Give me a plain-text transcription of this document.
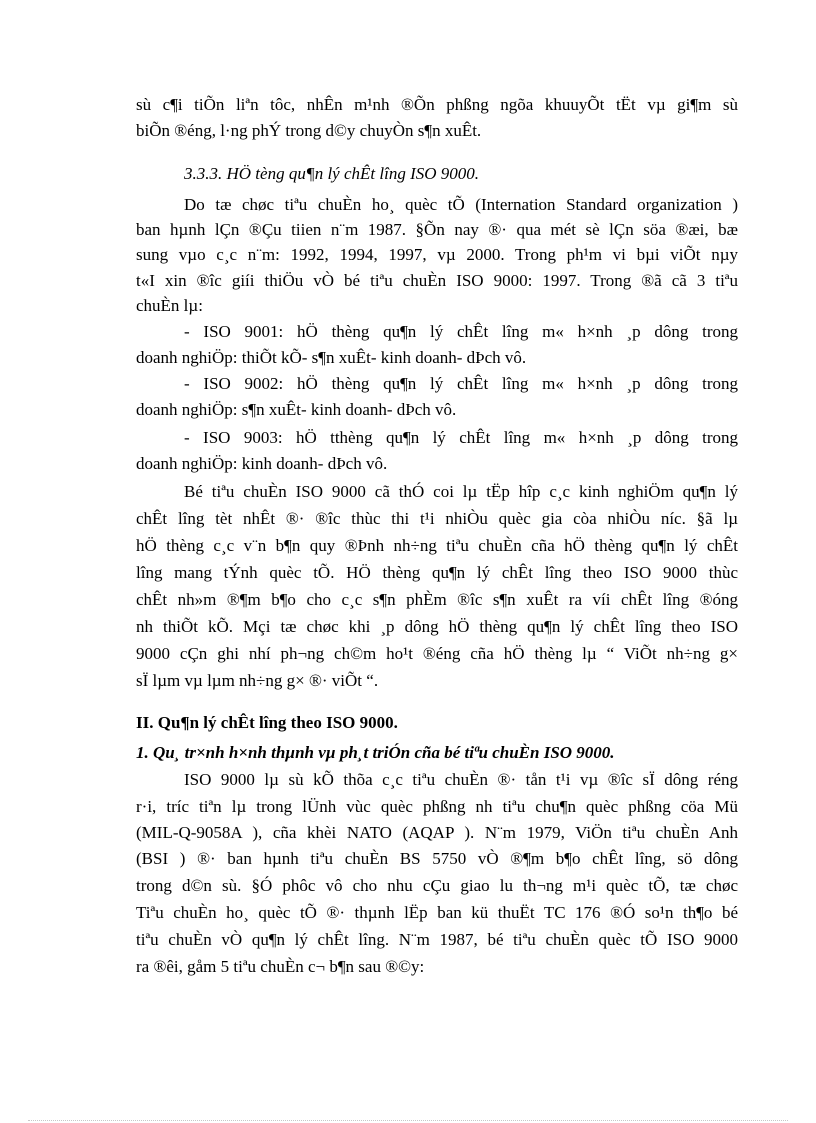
sù c¶i tiÕn liªn tôc, nhÊn m¹nh ®Õn phßng ngõa khuuyÕt tËt vµ gi¶m sù
biÕn ®éng, l·ng phÝ trong d©y chuyÒn s¶n xuÊt.
3.3.3. HÖ tèng qu¶n lý chÊt lîng ISO 9000.
Do tæ chøc tiªu chuÈn ho¸ quèc tÕ (Internation Standard organization )
ban hµnh lÇn ®Çu tiien n¨m 1987. §Õn nay ®· qua mét sè lÇn söa ®æi, bæ
sung vµo c¸c n¨m: 1992, 1994, 1997, vµ 2000. Trong ph¹m vi bµi viÕt nµy
t«I xin ®îc giíi thiÖu vÒ bé tiªu chuÈn ISO 9000: 1997. Trong ®ã cã 3 tiªu
chuÈn lµ:
- ISO 9001: hÖ thèng qu¶n lý chÊt lîng m« h×nh ¸p dông trong
doanh nghiÖp: thiÕt kÕ- s¶n xuÊt- kinh doanh- dÞch vô.
- ISO 9002: hÖ thèng qu¶n lý chÊt lîng m« h×nh ¸p dông trong
doanh nghiÖp: s¶n xuÊt- kinh doanh- dÞch vô.
- ISO 9003: hÖ tthèng qu¶n lý chÊt lîng m« h×nh ¸p dông trong
doanh nghiÖp: kinh doanh- dÞch vô.
Bé tiªu chuÈn ISO 9000 cã thÓ coi lµ tËp hîp c¸c kinh nghiÖm qu¶n lý
chÊt lîng tèt nhÊt ®· ®îc thùc thi t¹i nhiÒu quèc gia còa nhiÒu níc. §ã lµ
hÖ thèng c¸c v¨n b¶n quy ®Þnh nh÷ng tiªu chuÈn cña hÖ thèng qu¶n lý chÊt
lîng mang tÝnh quèc tÕ. HÖ thèng qu¶n lý chÊt lîng theo ISO 9000 thùc
chÊt nh»m ®¶m b¶o cho c¸c s¶n phÈm ®îc s¶n xuÊt ra víi chÊt lîng ®óng
nh thiÕt kÕ. Mçi tæ chøc khi ¸p dông hÖ thèng qu¶n lý chÊt lîng theo ISO
9000 cÇn ghi nhí ph¬ng ch©m ho¹t ®éng cña hÖ thèng lµ “ ViÕt nh÷ng g×
sÏ lµm vµ lµm nh÷ng g× ®· viÕt “.
II. Qu¶n lý chÊt lîng theo ISO 9000.
1. Qu¸ tr×nh h×nh thµnh vµ ph¸t triÓn cña bé tiªu chuÈn ISO 9000.
ISO 9000 lµ sù kÕ thõa c¸c tiªu chuÈn ®· tån t¹i vµ ®îc sÏ dông réng
r·i, tríc tiªn lµ trong lÜnh vùc quèc phßng nh tiªu chu¶n quèc phßng cöa Mü
(MIL-Q-9058A ), cña khèi NATO (AQAP ). N¨m 1979, ViÖn tiªu chuÈn Anh
(BSI ) ®· ban hµnh tiªu chuÈn BS 5750 vÒ ®¶m b¶o chÊt lîng, sö dông
trong d©n sù. §Ó phôc vô cho nhu cÇu giao lu th¬ng m¹i quèc tÕ, tæ chøc
Tiªu chuÈn ho¸ quèc tÕ ®· thµnh lËp ban kü thuËt TC 176 ®Ó so¹n th¶o bé
tiªu chuÈn vÒ qu¶n lý chÊt lîng. N¨m 1987, bé tiªu chuÈn quèc tÕ ISO 9000
ra ®êi, gåm 5 tiªu chuÈn c¬ b¶n sau ®©y:
